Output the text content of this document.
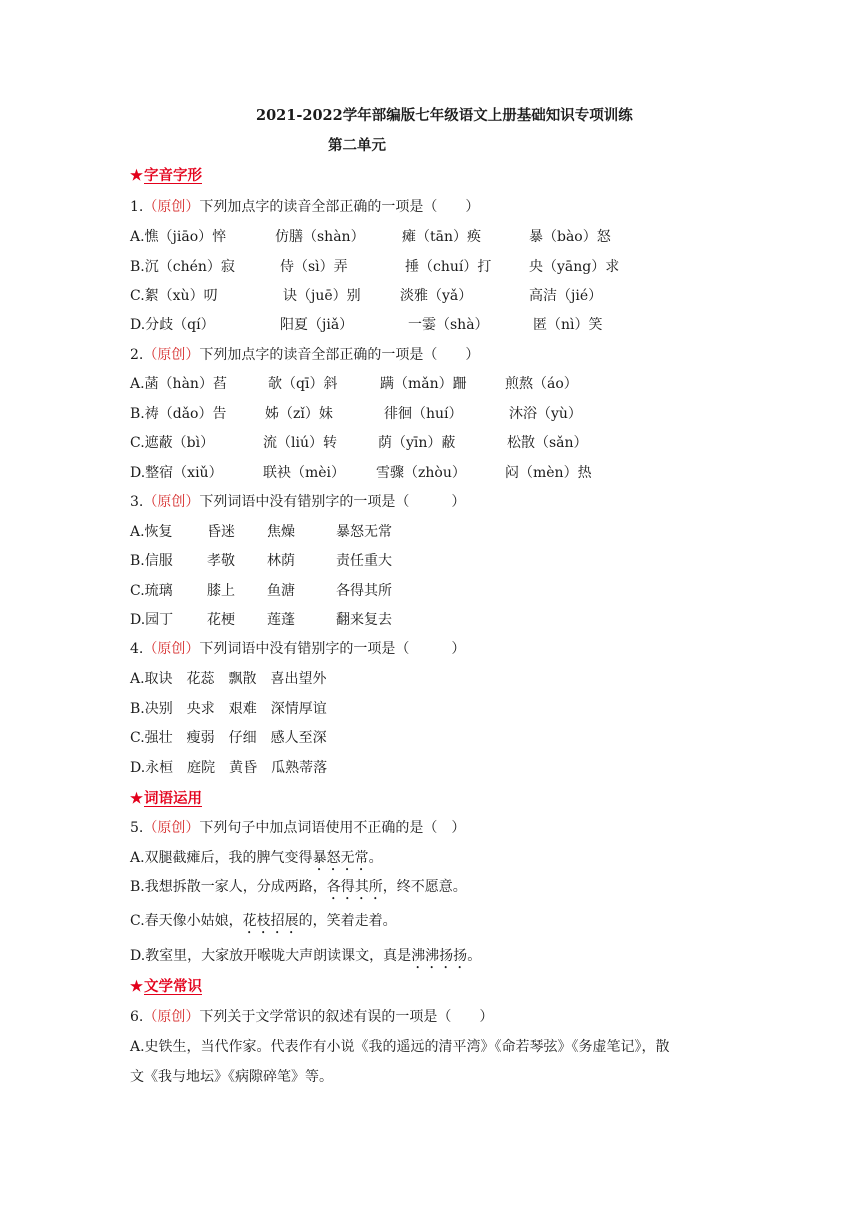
2021-2022学年部编版七年级语文上册基础知识专项训练
第二单元
★字音字形
1.（原创）下列加点字的读音全部正确的一项是（　　）
A.憔（jiāo）悴	仿膳（shàn）	瘫（tān）痪	暴（bào）怒
B.沉（chén）寂	侍（sì）弄	捶（chuí）打	央（yāng）求
C.絮（xù）叨	诀（juē）别	淡雅（yǎ）	高洁（jié）
D.分歧（qí）	阳夏（jiǎ）	一霎（shà）	匿（nì）笑
2.（原创）下列加点字的读音全部正确的一项是（　　）
A.菡（hàn）萏	欹（qī）斜	蹒（mǎn）跚	煎熬（áo）
B.祷（dǎo）告	姊（zǐ）妹	徘徊（huí）	沐浴（yù）
C.遮蔽（bì）	流（liú）转	荫（yīn）蔽	松散（sǎn）
D.整宿（xiǔ）	联袂（mèi） 雪骤（zhòu）	闷（mèn）热
3.（原创）下列词语中没有错别字的一项是（　　　）
A.恢复 昏迷 焦燥	暴怒无常
B.信服 孝敬 林荫	责任重大
C.琉璃 膝上 鱼溏	各得其所
D.园丁 花梗 莲蓬	翻来复去
4.（原创）下列词语中没有错别字的一项是（　　　）
A.取诀　花蕊　飘散　喜出望外
B.决别　央求　艰难　深情厚谊
C.强壮　瘦弱　仔细　感人至深
D.永桓　庭院　黄昏　瓜熟蒂落
★词语运用
5.（原创）下列句子中加点词语使用不正确的是（　）
A.双腿截瘫后，我的脾气变得暴怒无常。
B.我想拆散一家人，分成两路，各得其所，终不愿意。
C.春天像小姑娘，花枝招展的，笑着走着。
D.教室里，大家放开喉咙大声朗读课文，真是沸沸扬扬。
★文学常识
6.（原创）下列关于文学常识的叙述有误的一项是（　　）
A.史铁生，当代作家。代表作有小说《我的遥远的清平湾》《命若琴弦》《务虚笔记》，散
文《我与地坛》《病隙碎笔》等。
